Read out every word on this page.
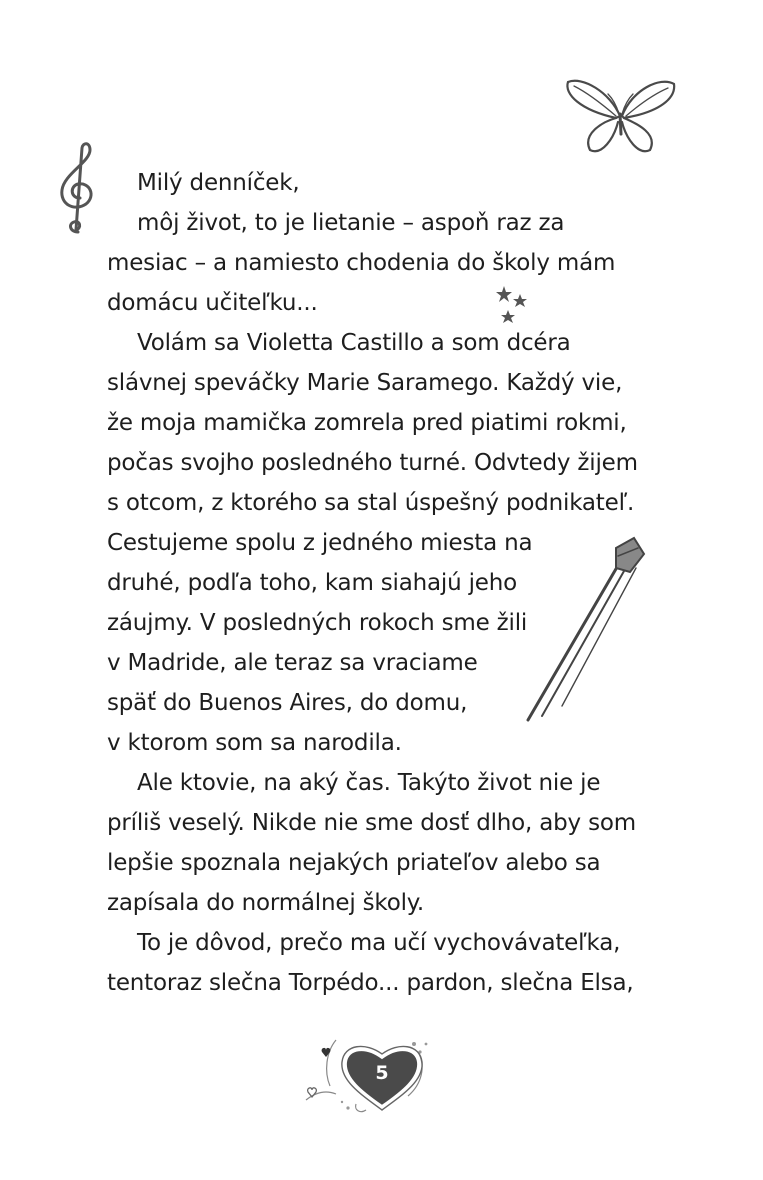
Milý denníček,
môj život, to je lietanie – aspoň raz za
mesiac – a namiesto chodenia do školy mám
domácu učiteľku...
Volám sa Violetta Castillo a som dcéra
slávnej speváčky Marie Saramego. Každý vie,
že moja mamička zomrela pred piatimi rokmi,
počas svojho posledného turné. Odvtedy žijem
s otcom, z ktorého sa stal úspešný podnikateľ.
Cestujeme spolu z jedného miesta na
druhé, podľa toho, kam siahajú jeho
záujmy. V posledných rokoch sme žili
v Madride, ale teraz sa vraciame
späť do Buenos Aires, do domu,
v ktorom som sa narodila.
Ale ktovie, na aký čas. Takýto život nie je
príliš veselý. Nikde nie sme dosť dlho, aby som
lepšie spoznala nejakých priateľov alebo sa
zapísala do normálnej školy.
To je dôvod, prečo ma učí vychovávateľka,
tentoraz slečna Torpédo... pardon, slečna Elsa,
5
